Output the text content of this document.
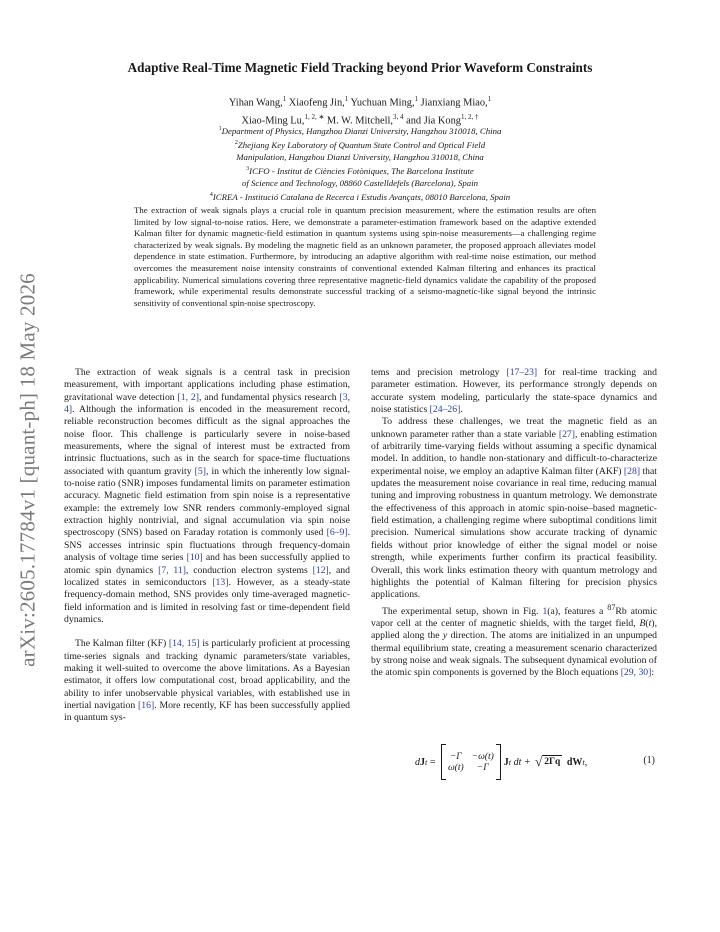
arXiv:2605.17784v1 [quant-ph] 18 May 2026
Adaptive Real-Time Magnetic Field Tracking beyond Prior Waveform Constraints
Yihan Wang,$^1$ Xiaofeng Jin,$^1$ Yuchuan Ming,$^1$ Jianxiang Miao,$^1$
Xiao-Ming Lu,$^{1, 2, ∗}$ M. W. Mitchell,$^{3, 4}$ and Jia Kong$^{1, 2, \dagger}$
$^1$Department of Physics, Hangzhou Dianzi University, Hangzhou 310018, China
$^2$Zhejiang Key Laboratory of Quantum State Control and Optical Field
Manipulation, Hangzhou Dianzi University, Hangzhou 310018, China
$^3$ICFO - Institut de Ciències Fotòniques, The Barcelona Institute
of Science and Technology, 08860 Castelldefels (Barcelona), Spain
$^4$ICREA - Institució Catalana de Recerca i Estudis Avançats, 08010 Barcelona, Spain
The extraction of weak signals plays a crucial role in quantum precision measurement, where the estimation results are often limited by low signal-to-noise ratios. Here, we demonstrate a parameter-estimation framework based on the adaptive extended Kalman filter for dynamic magnetic-field estimation in quantum systems using spin-noise measurements—a challenging regime characterized by weak signals. By modeling the magnetic field as an unknown parameter, the proposed approach alleviates model dependence in state estimation. Furthermore, by introducing an adaptive algorithm with real-time noise estimation, our method overcomes the measurement noise intensity constraints of conventional extended Kalman filtering and enhances its practical applicability. Numerical simulations covering three representative magnetic-field dynamics validate the capability of the proposed framework, while experimental results demonstrate successful tracking of a seismo-magnetic-like signal beyond the intrinsic sensitivity of conventional spin-noise spectroscopy.

The extraction of weak signals is a central task in precision measurement, with important applications including phase estimation, gravitational wave detection [1, 2], and fundamental physics research [3, 4]. Although the information is encoded in the measurement record, reliable reconstruction becomes difficult as the signal approaches the noise floor. This challenge is particularly severe in noise-based measurements, where the signal of interest must be extracted from intrinsic fluctuations, such as in the search for space-time fluctuations associated with quantum gravity [5], in which the inherently low signal-to-noise ratio (SNR) imposes fundamental limits on parameter estimation accuracy. Magnetic field estimation from spin noise is a representative example: the extremely low SNR renders commonly-employed signal extraction highly nontrivial, and signal accumulation via spin noise spectroscopy (SNS) based on Faraday rotation is commonly used [6–9]. SNS accesses intrinsic spin fluctuations through frequency-domain analysis of voltage time series [10] and has been successfully applied to atomic spin dynamics [7, 11], conduction electron systems [12], and localized states in semiconductors [13]. However, as a steady-state frequency-domain method, SNS provides only time-averaged magnetic-field information and is limited in resolving fast or time-dependent field dynamics.

The Kalman filter (KF) [14, 15] is particularly proficient at processing time-series signals and tracking dynamic parameters/state variables, making it well-suited to overcome the above limitations. As a Bayesian estimator, it offers low computational cost, broad applicability, and the ability to infer unobservable physical variables, with established use in inertial navigation [16]. More recently, KF has been successfully applied in quantum sys-

tems and precision metrology [17–23] for real-time tracking and parameter estimation. However, its performance strongly depends on accurate system modeling, particularly the state-space dynamics and noise statistics [24–26].

To address these challenges, we treat the magnetic field as an unknown parameter rather than a state variable [27], enabling estimation of arbitrarily time-varying fields without assuming a specific dynamical model. In addition, to handle non-stationary and difficult-to-characterize experimental noise, we employ an adaptive Kalman filter (AKF) [28] that updates the measurement noise covariance in real time, reducing manual tuning and improving robustness in quantum metrology. We demonstrate the effectiveness of this approach in atomic spin-noise–based magnetic-field estimation, a challenging regime where suboptimal conditions limit precision. Numerical simulations show accurate tracking of dynamic fields without prior knowledge of either the signal model or noise strength, while experiments further confirm its practical feasibility. Overall, this work links estimation theory with quantum metrology and highlights the potential of Kalman filtering for precision physics applications.

The experimental setup, shown in Fig. 1(a), features a $^{87}$Rb atomic vapor cell at the center of magnetic shields, with the target field, B(t), applied along the y direction. The atoms are initialized in an unpumped thermal equilibrium state, creating a measurement scenario characterized by strong noise and weak signals. The subsequent dynamical evolution of the atomic spin components is governed by the Bloch equations [29, 30]:

dJ t = −Γ −ω(t)
ω(t)	−Γ	J t dt + √ 2Γq dW t ,	(1)
